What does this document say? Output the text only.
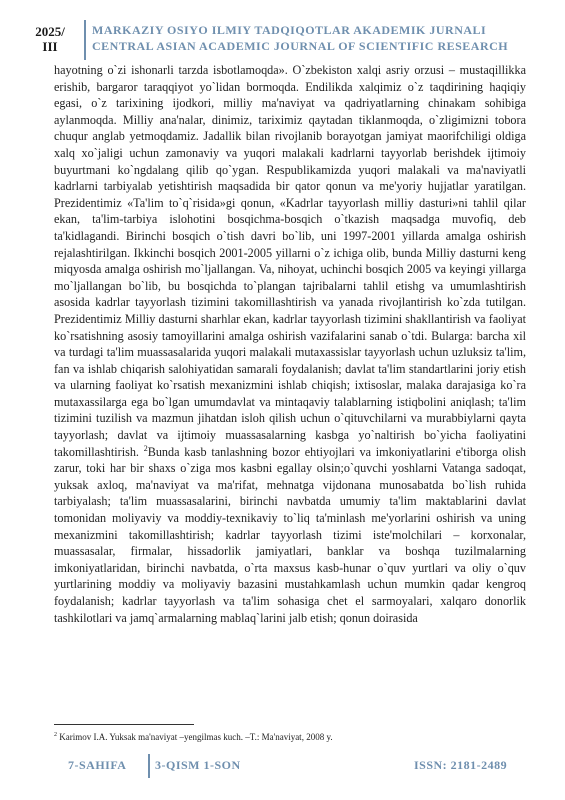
2025/
III
MARKAZIY OSIYO ILMIY TADQIQOTLAR AKADEMIK JURNALI
CENTRAL ASIAN ACADEMIC JOURNAL OF SCIENTIFIC RESEARCH
hayotning o`zi ishonarli tarzda isbotlamoqda». O`zbekiston xalqi asriy orzusi – mustaqillikka erishib, bargaror taraqqiyot yo`lidan bormoqda. Endilikda xalqimiz o`z taqdirining haqiqiy egasi, o`z tarixining ijodkori, milliy ma'naviyat va qadriyatlarning chinakam sohibiga aylanmoqda. Milliy ana'nalar, dinimiz, tariximiz qaytadan tiklanmoqda, o`zligimizni tobora chuqur anglab yetmoqdamiz. Jadallik bilan rivojlanib borayotgan jamiyat maorifchiligi oldiga xalq xo`jaligi uchun zamonaviy va yuqori malakali kadrlarni tayyorlab berishdek ijtimoiy buyurtmani ko`ngdalang qilib qo`ygan. Respublikamizda yuqori malakali va ma'naviyatli kadrlarni tarbiyalab yetishtirish maqsadida bir qator qonun va me'yoriy hujjatlar yaratilgan. Prezidentimiz «Ta'lim to`q`risida»gi qonun, «Kadrlar tayyorlash milliy dasturi»ni tahlil qilar ekan, ta'lim-tarbiya islohotini bosqichma-bosqich o`tkazish maqsadga muvofiq, deb ta'kidlagandi. Birinchi bosqich o`tish davri bo`lib, uni 1997-2001 yillarda amalga oshirish rejalashtirilgan. Ikkinchi bosqich 2001-2005 yillarni o`z ichiga olib, bunda Milliy dasturni keng miqyosda amalga oshirish mo`ljallangan. Va, nihoyat, uchinchi bosqich 2005 va keyingi yillarga mo`ljallangan bo`lib, bu bosqichda to`plangan tajribalarni tahlil etishg va umumlashtirish asosida kadrlar tayyorlash tizimini takomillashtirish va yanada rivojlantirish ko`zda tutilgan. Prezidentimiz Milliy dasturni sharhlar ekan, kadrlar tayyorlash tizimini shakllantirish va faoliyat ko`rsatishning asosiy tamoyillarini amalga oshirish vazifalarini sanab o`tdi. Bularga: barcha xil va turdagi ta'lim muassasalarida yuqori malakali mutaxassislar tayyorlash uchun uzluksiz ta'lim, fan va ishlab chiqarish salohiyatidan samarali foydalanish; davlat ta'lim standartlarini joriy etish va ularning faoliyat ko`rsatish mexanizmini ishlab chiqish; ixtisoslar, malaka darajasiga ko`ra mutaxassilarga ega bo`lgan umumdavlat va mintaqaviy talablarning istiqbolini aniqlash; ta'lim tizimini tuzilish va mazmun jihatdan isloh qilish uchun o`qituvchilarni va murabbiylarni qayta tayyorlash; davlat va ijtimoiy muassasalarning kasbga yo`naltirish bo`yicha faoliyatini takomillashtirish. $^2$Bunda kasb tanlashning bozor ehtiyojlari va imkoniyatlarini e'tiborga olish zarur, toki har bir shaxs o`ziga mos kasbni egallay olsin;o`quvchi yoshlarni Vatanga sadoqat, yuksak axloq, ma'naviyat va ma'rifat, mehnatga vijdonana munosabatda bo`lish ruhida tarbiyalash; ta'lim muassasalarini, birinchi navbatda umumiy ta'lim maktablarini davlat tomonidan moliyaviy va moddiy-texnikaviy to`liq ta'minlash me'yorlarini oshirish va uning mexanizmini takomillashtirish; kadrlar tayyorlash tizimi iste'molchilari – korxonalar, muassasalar, firmalar, hissadorlik jamiyatlari, banklar va boshqa tuzilmalarning imkoniyatlaridan, birinchi navbatda, o`rta maxsus kasb-hunar o`quv yurtlari va oliy o`quv yurtlarining moddiy va moliyaviy bazasini mustahkamlash uchun mumkin qadar kengroq foydalanish; kadrlar tayyorlash va ta'lim sohasiga chet el sarmoyalari, xalqaro donorlik tashkilotlari va jamq`armalarning mablaq`larini jalb etish; qonun doirasida
$^2$ Karimov I.A. Yuksak ma'naviyat –yengilmas kuch. –T.: Ma'naviyat, 2008 y.
7-SAHIFA 3-QISM 1-SON	ISSN: 2181-2489
